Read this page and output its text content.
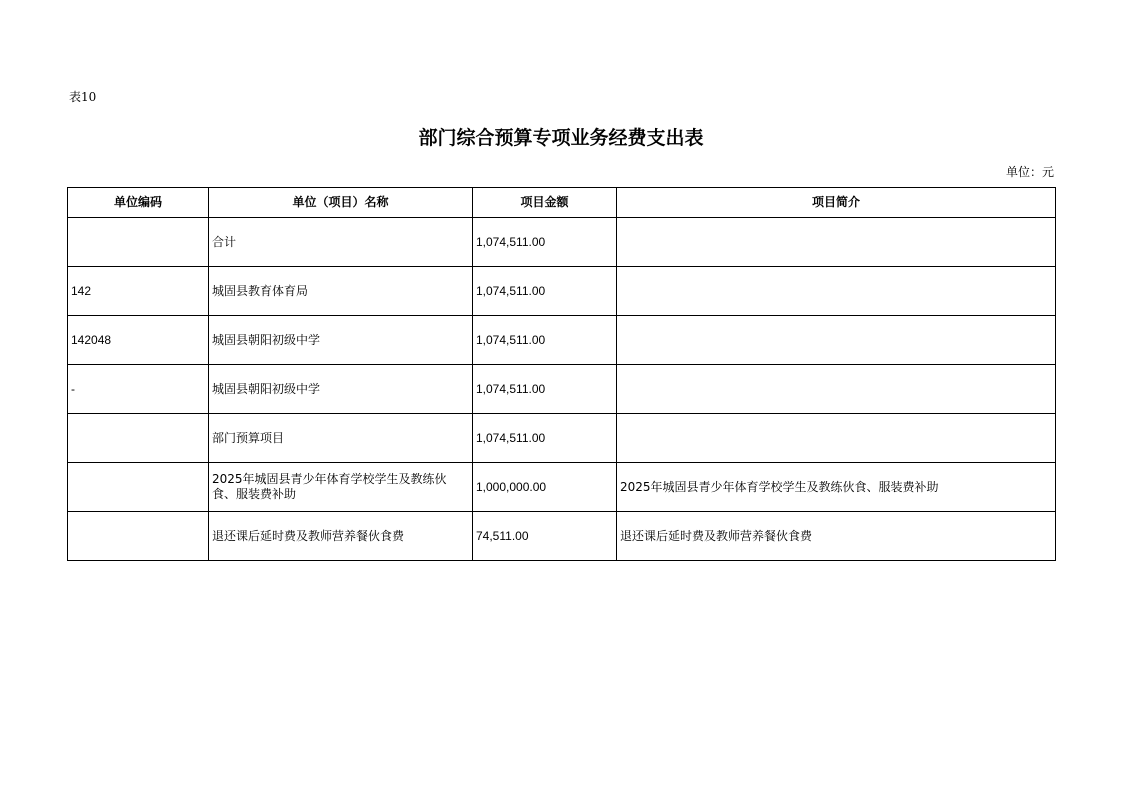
表10
部门综合预算专项业务经费支出表
单位：元
单位编码	单位（项目）名称	项目金额	项目简介
	合计	1,074,511.00	
142	城固县教育体育局	1,074,511.00	
142048	城固县朝阳初级中学	1,074,511.00	
-	城固县朝阳初级中学	1,074,511.00	
	部门预算项目	1,074,511.00	
	2025年城固县青少年体育学校学生及教练伙食、服装费补助	1,000,000.00	2025年城固县青少年体育学校学生及教练伙食、服装费补助
	退还课后延时费及教师营养餐伙食费	74,511.00	退还课后延时费及教师营养餐伙食费
